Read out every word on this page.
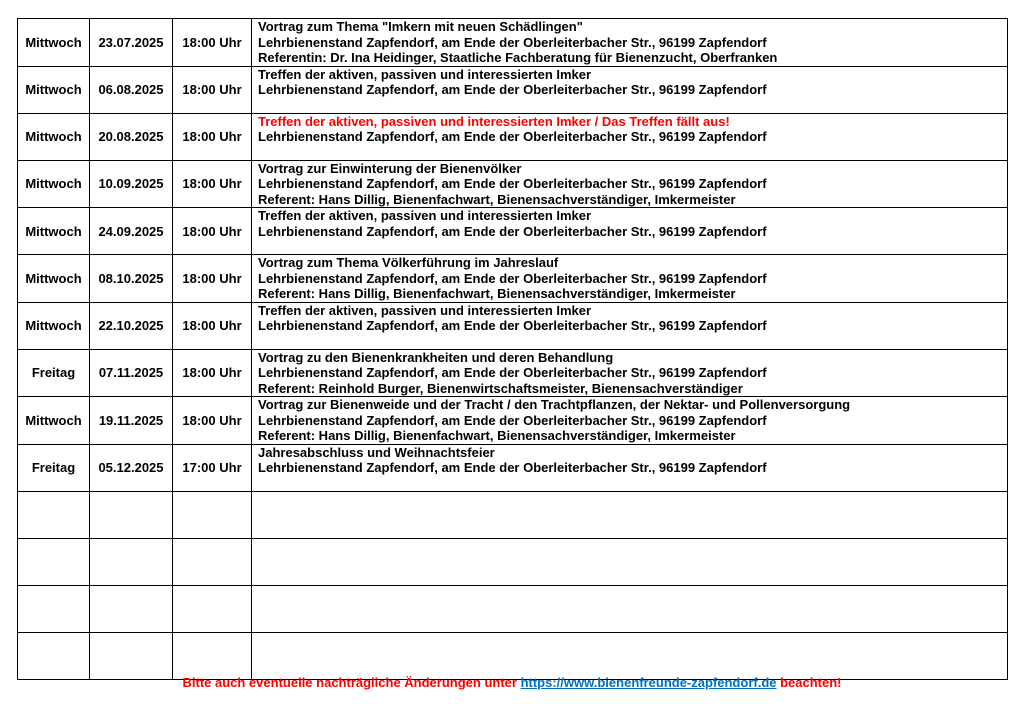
Mittwoch	23.07.2025	18:00 Uhr	Vortrag zum Thema "Imkern mit neuen Schädlingen"
Lehrbienenstand Zapfendorf, am Ende der Oberleiterbacher Str., 96199 Zapfendorf
Referentin: Dr. Ina Heidinger, Staatliche Fachberatung für Bienenzucht, Oberfranken

Mittwoch	06.08.2025	18:00 Uhr	Treffen der aktiven, passiven und interessierten Imker
Lehrbienenstand Zapfendorf, am Ende der Oberleiterbacher Str., 96199 Zapfendorf

Mittwoch	20.08.2025	18:00 Uhr	Treffen der aktiven, passiven und interessierten Imker / Das Treffen fällt aus!
Lehrbienenstand Zapfendorf, am Ende der Oberleiterbacher Str., 96199 Zapfendorf

Mittwoch	10.09.2025	18:00 Uhr	Vortrag zur Einwinterung der Bienenvölker
Lehrbienenstand Zapfendorf, am Ende der Oberleiterbacher Str., 96199 Zapfendorf
Referent: Hans Dillig, Bienenfachwart, Bienensachverständiger, Imkermeister

Mittwoch	24.09.2025	18:00 Uhr	Treffen der aktiven, passiven und interessierten Imker
Lehrbienenstand Zapfendorf, am Ende der Oberleiterbacher Str., 96199 Zapfendorf

Mittwoch	08.10.2025	18:00 Uhr	Vortrag zum Thema Völkerführung im Jahreslauf
Lehrbienenstand Zapfendorf, am Ende der Oberleiterbacher Str., 96199 Zapfendorf
Referent: Hans Dillig, Bienenfachwart, Bienensachverständiger, Imkermeister

Mittwoch	22.10.2025	18:00 Uhr	Treffen der aktiven, passiven und interessierten Imker
Lehrbienenstand Zapfendorf, am Ende der Oberleiterbacher Str., 96199 Zapfendorf

Freitag	07.11.2025	18:00 Uhr	Vortrag zu den Bienenkrankheiten und deren Behandlung
Lehrbienenstand Zapfendorf, am Ende der Oberleiterbacher Str., 96199 Zapfendorf
Referent: Reinhold Burger, Bienenwirtschaftsmeister, Bienensachverständiger

Mittwoch	19.11.2025	18:00 Uhr	Vortrag zur Bienenweide und der Tracht / den Trachtpflanzen, der Nektar- und Pollenversorgung
Lehrbienenstand Zapfendorf, am Ende der Oberleiterbacher Str., 96199 Zapfendorf
Referent: Hans Dillig, Bienenfachwart, Bienensachverständiger, Imkermeister

Freitag	05.12.2025	17:00 Uhr	Jahresabschluss und Weihnachtsfeier
Lehrbienenstand Zapfendorf, am Ende der Oberleiterbacher Str., 96199 Zapfendorf

Bitte auch eventuelle nachträgliche Änderungen unter https://www.bienenfreunde-zapfendorf.de beachten!
